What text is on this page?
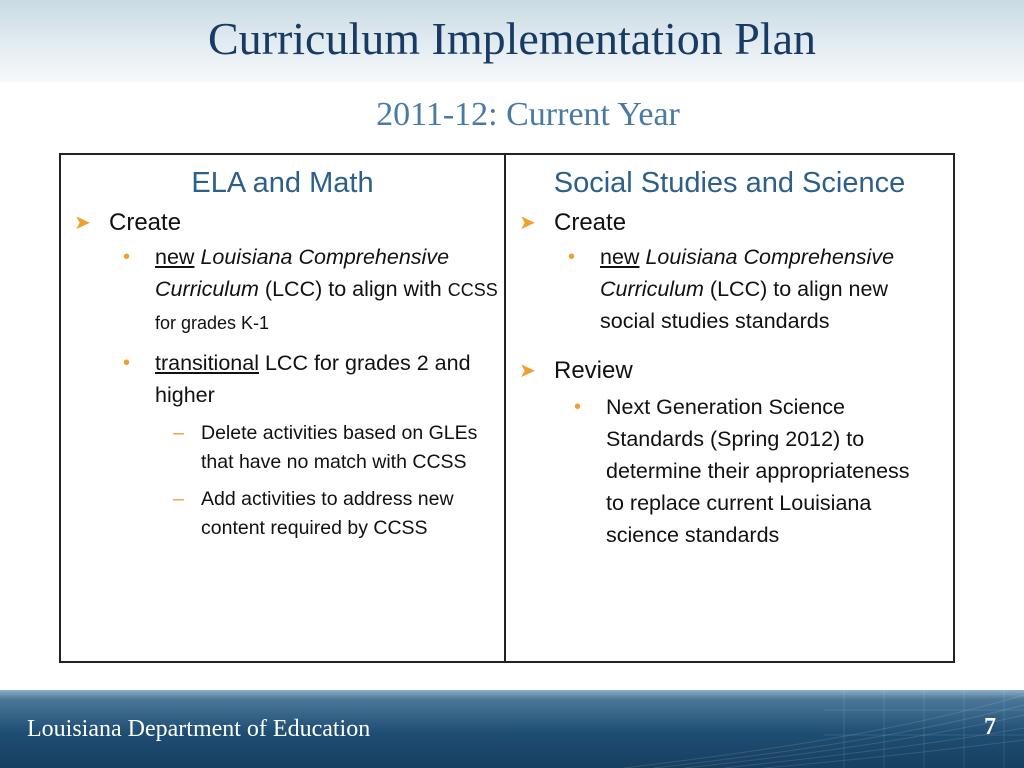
Curriculum Implementation Plan
2011-12: Current Year
ELA and Math
➤ Create
• new Louisiana Comprehensive Curriculum (LCC) to align with CCSS for grades K-1
• transitional LCC for grades 2 and higher
– Delete activities based on GLEs that have no match with CCSS
– Add activities to address new content required by CCSS
Social Studies and Science
➤ Create
• new Louisiana Comprehensive Curriculum (LCC) to align new social studies standards
➤ Review
• Next Generation Science Standards (Spring 2012) to determine their appropriateness to replace current Louisiana science standards
Louisiana Department of Education	7
